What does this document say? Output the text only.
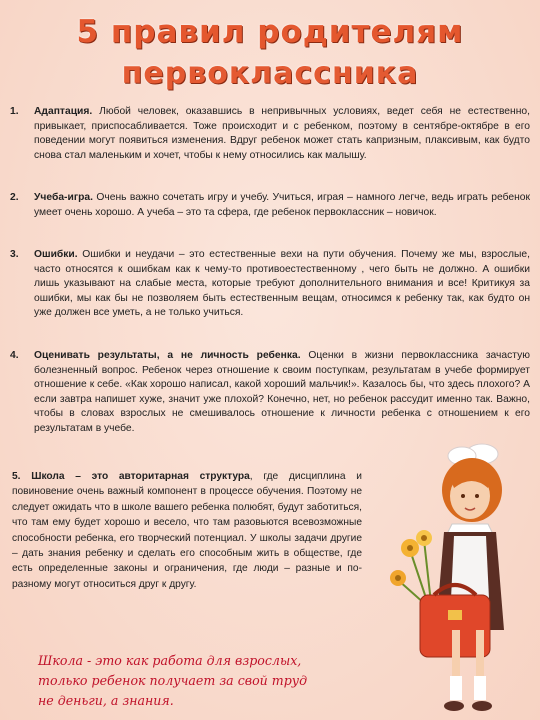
5 правил родителям
первоклассника
1. Адаптация. Любой человек, оказавшись в непривычных условиях, ведет себя не естественно, привыкает, приспосабливается. Тоже происходит и с ребенком, поэтому в сентябре-октябре в его поведении могут появиться изменения. Вдруг ребенок может стать капризным, плаксивым, как будто снова стал маленьким и хочет, чтобы к нему относились как малышу.
2. Учеба-игра. Очень важно сочетать игру и учебу. Учиться, играя – намного легче, ведь играть ребенок умеет очень хорошо. А учеба – это та сфера, где ребенок первоклассник – новичок.
3. Ошибки. Ошибки и неудачи – это естественные вехи на пути обучения. Почему же мы, взрослые, часто относятся к ошибкам как к чему-то противоестественному , чего быть не должно. А ошибки лишь указывают на слабые места, которые требуют дополнительного внимания и все! Критикуя за ошибки, мы как бы не позволяем быть естественным вещам, относимся к ребенку так, как будто он уже должен все уметь, а не только учиться.
4. Оценивать результаты, а не личность ребенка. Оценки в жизни первоклассника зачастую болезненный вопрос. Ребенок через отношение к своим поступкам, результатам в учебе формирует отношение к себе. «Как хорошо написал, какой хороший мальчик!». Казалось бы, что здесь плохого? А если завтра напишет хуже, значит уже плохой? Конечно, нет, но ребенок рассудит именно так. Важно, чтобы в словах взрослых не смешивалось отношение к личности ребенка с отношением к его результатам в учебе.
5. Школа – это авторитарная структура, где дисциплина и повиновение очень важный компонент в процессе обучения. Поэтому не следует ожидать что в школе вашего ребенка полюбят, будут заботиться, что там ему будет хорошо и весело, что там разовьются всевозможные способности ребенка, его творческий потенциал. У школы задачи другие – дать знания ребенку и сделать его способным жить в обществе, где есть определенные законы и ограничения, где люди – разные и по-разному могут относиться друг к другу.
Школа - это как работа для взрослых,
только ребенок получает за свой труд
не деньги, а знания.
